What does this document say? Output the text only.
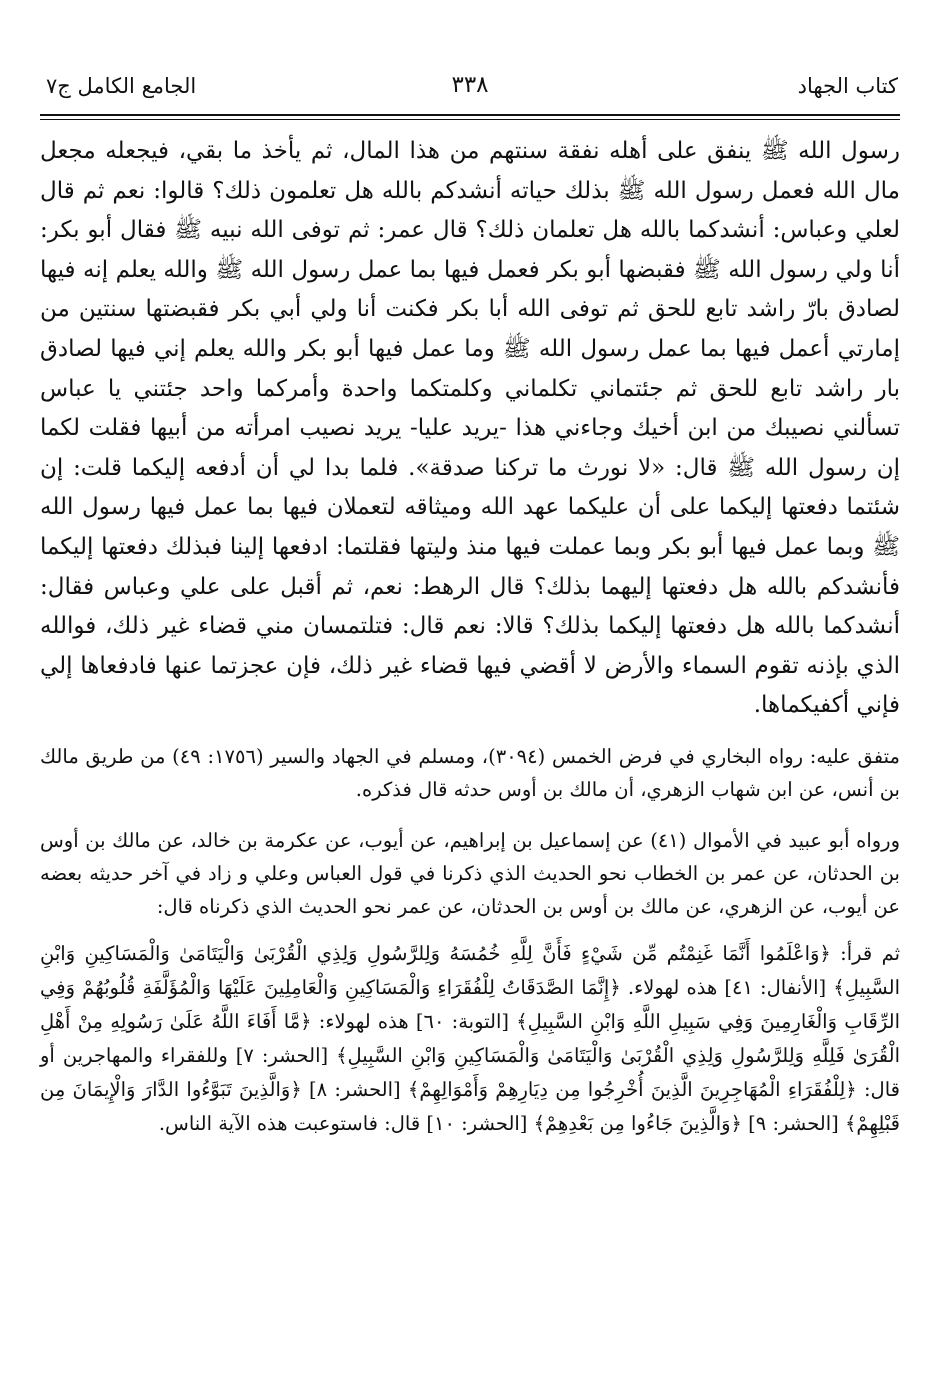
كتاب الجهاد
٣٣٨
الجامع الكامل ج٧

رسول الله ﷺ ينفق على أهله نفقة سنتهم من هذا المال، ثم يأخذ ما بقي، فيجعله مجعل مال الله فعمل رسول الله ﷺ بذلك حياته أنشدكم بالله هل تعلمون ذلك؟ قالوا: نعم ثم قال لعلي وعباس: أنشدكما بالله هل تعلمان ذلك؟ قال عمر: ثم توفى الله نبيه ﷺ فقال أبو بكر: أنا ولي رسول الله ﷺ فقبضها أبو بكر فعمل فيها بما عمل رسول الله ﷺ والله يعلم إنه فيها لصادق بارّ راشد تابع للحق ثم توفى الله أبا بكر فكنت أنا ولي أبي بكر فقبضتها سنتين من إمارتي أعمل فيها بما عمل رسول الله ﷺ وما عمل فيها أبو بكر والله يعلم إني فيها لصادق بار راشد تابع للحق ثم جئتماني تكلماني وكلمتكما واحدة وأمركما واحد جئتني يا عباس تسألني نصيبك من ابن أخيك وجاءني هذا -يريد عليا- يريد نصيب امرأته من أبيها فقلت لكما إن رسول الله ﷺ قال: «لا نورث ما تركنا صدقة». فلما بدا لي أن أدفعه إليكما قلت: إن شئتما دفعتها إليكما على أن عليكما عهد الله وميثاقه لتعملان فيها بما عمل فيها رسول الله ﷺ وبما عمل فيها أبو بكر وبما عملت فيها منذ وليتها فقلتما: ادفعها إلينا فبذلك دفعتها إليكما فأنشدكم بالله هل دفعتها إليهما بذلك؟ قال الرهط: نعم، ثم أقبل على علي وعباس فقال: أنشدكما بالله هل دفعتها إليكما بذلك؟ قالا: نعم قال: فتلتمسان مني قضاء غير ذلك، فوالله الذي بإذنه تقوم السماء والأرض لا أقضي فيها قضاء غير ذلك، فإن عجزتما عنها فادفعاها إلي فإني أكفيكماها.

متفق عليه: رواه البخاري في فرض الخمس (٣٠٩٤)، ومسلم في الجهاد والسير (١٧٥٦: ٤٩) من طريق مالك بن أنس، عن ابن شهاب الزهري، أن مالك بن أوس حدثه قال فذكره.

ورواه أبو عبيد في الأموال (٤١) عن إسماعيل بن إبراهيم، عن أيوب، عن عكرمة بن خالد، عن مالك بن أوس بن الحدثان، عن عمر بن الخطاب نحو الحديث الذي ذكرنا في قول العباس وعلي و زاد في آخر حديثه بعضه عن أيوب، عن الزهري، عن مالك بن أوس بن الحدثان، عن عمر نحو الحديث الذي ذكرناه قال:

ثم قرأ: ﴿وَاعْلَمُوا أَنَّمَا غَنِمْتُم مِّن شَيْءٍ فَأَنَّ لِلَّهِ خُمُسَهُ وَلِلرَّسُولِ وَلِذِي الْقُرْبَىٰ وَالْيَتَامَىٰ وَالْمَسَاكِينِ وَابْنِ السَّبِيلِ﴾ [الأنفال: ٤١] هذه لهولاء. ﴿إِنَّمَا الصَّدَقَاتُ لِلْفُقَرَاءِ وَالْمَسَاكِينِ وَالْعَامِلِينَ عَلَيْهَا وَالْمُؤَلَّفَةِ قُلُوبُهُمْ وَفِي الرِّقَابِ وَالْغَارِمِينَ وَفِي سَبِيلِ اللَّهِ وَابْنِ السَّبِيلِ﴾ [التوبة: ٦٠] هذه لهولاء: ﴿مَّا أَفَاءَ اللَّهُ عَلَىٰ رَسُولِهِ مِنْ أَهْلِ الْقُرَىٰ فَلِلَّهِ وَلِلرَّسُولِ وَلِذِي الْقُرْبَىٰ وَالْيَتَامَىٰ وَالْمَسَاكِينِ وَابْنِ السَّبِيلِ﴾ [الحشر: ٧] وللفقراء والمهاجرين أو قال: ﴿لِلْفُقَرَاءِ الْمُهَاجِرِينَ الَّذِينَ أُخْرِجُوا مِن دِيَارِهِمْ وَأَمْوَالِهِمْ﴾ [الحشر: ٨] ﴿وَالَّذِينَ تَبَوَّءُوا الدَّارَ وَالْإِيمَانَ مِن قَبْلِهِمْ﴾ [الحشر: ٩] ﴿وَالَّذِينَ جَاءُوا مِن بَعْدِهِمْ﴾ [الحشر: ١٠] قال: فاستوعبت هذه الآية الناس.
